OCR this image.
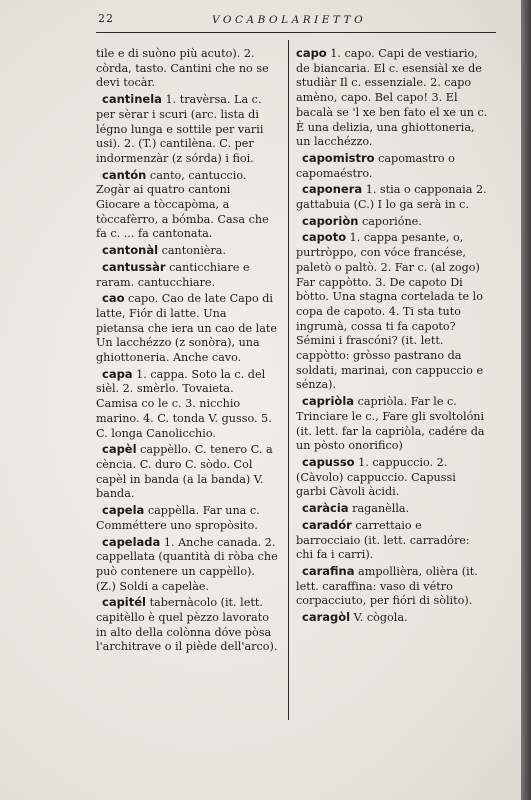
22	VOCABOLARIETTO
tile e di suòno più acuto). 2. còrda, tasto. Cantini che no se devi tocàr.
cantinela 1. travèrsa. La c. per sèrar i scuri (arc. lista di légno lunga e sottile per varii usi). 2. (T.) cantilèna. C. per indormenzàr (z sórda) i fioi.
cantón canto, cantuccio. Zogàr ai quatro cantoni Giocare a tòccapòma, a tòccafèrro, a bómba. Casa che fa c. ... fa cantonata.
cantonàl cantonièra.
cantussàr canticchiare e raram. cantucchiare.
cao capo. Cao de late Capo di latte, Fiór di latte. Una pietansa che iera un cao de late Un lacchézzo (z sonòra), una ghiottoneria. Anche cavo.
capa 1. cappa. Soto la c. del sièl. 2. smèrlo. Tovaieta. Camisa co le c. 3. nicchio marino. 4. C. tonda V. gusso. 5. C. longa Canolicchio.
capèl cappèllo. C. tenero C. a cència. C. duro C. sòdo. Col capèl in banda (a la banda) V. banda.
capela cappèlla. Far una c. Comméttere uno spropòsito.
capelada 1. Anche canada. 2. cappellata (quantità di ròba che può contenere un cappèllo). (Z.) Soldi a capelàe.
capitél tabernàcolo (it. lett. capitèllo è quel pèzzo lavorato in alto della colònna dóve pòsa l'architrave o il piède dell'arco).
capo 1. capo. Capi de vestiario, de biancaria. El c. esensiàl xe de studiàr Il c. essenziale. 2. capo amèno, capo. Bel capo! 3. El bacalà se 'l xe ben fato el xe un c. È una delizia, una ghiottoneria, un lacchézzo.
capomistro capomastro o capomaéstro.
caponera 1. stia o capponaia 2. gattabuia (C.) I lo ga serà in c.
caporiòn caporióne.
capoto 1. cappa pesante, o, purtròppo, con vóce francése, paletò o paltò. 2. Far c. (al zogo) Far cappòtto. 3. De capoto Di bòtto. Una stagna cortelada te lo copa de capoto. 4. Ti sta tuto ingrumà, cossa ti fa capoto? Sémini i frascóni? (it. lett. cappòtto: gròsso pastrano da soldati, marinai, con cappuccio e sénza).
capriòla capriòla. Far le c. Trinciare le c., Fare gli svoltolóni (it. lett. far la capriòla, cadére da un pòsto onorifico)
capusso 1. cappuccio. 2. (Càvolo) cappuccio. Capussi garbi Càvoli àcidi.
caràcia raganèlla.
caradór carrettaio e barrocciaio (it. lett. carradóre: chi fa i carri).
carafina ampollièra, olièra (it. lett. caraffina: vaso di vétro corpacciuto, per fióri di sòlito).
caragòl V. cògola.
